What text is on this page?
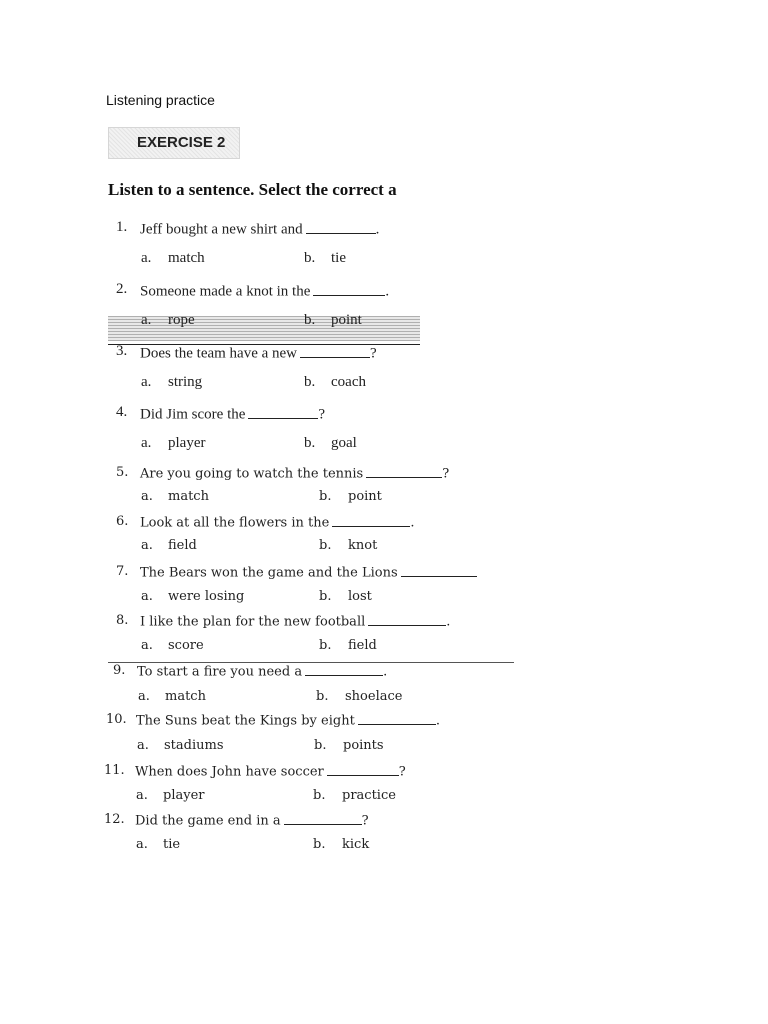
Listening practice
EXERCISE 2
Listen to a sentence. Select the correct a
1. Jeff bought a new shirt and	.
a. match	b. tie
2. Someone made a knot in the	.
a. rope	b. point
3. Does the team have a new	?
a. string	b. coach
4. Did Jim score the	?
a. player	b. goal
5. Are you going to watch the tennis	?
a. match	b. point
6. Look at all the flowers in the	.
a. field	b. knot
7. The Bears won the game and the Lions
a. were losing	b. lost
8. I like the plan for the new football	.
a. score	b. field
9. To start a fire you need a	.
a. match	b. shoelace
10. The Suns beat the Kings by eight	.
a. stadiums	b. points
11. When does John have soccer	?
a. player	b. practice
12. Did the game end in a	?
a. tie	b. kick
